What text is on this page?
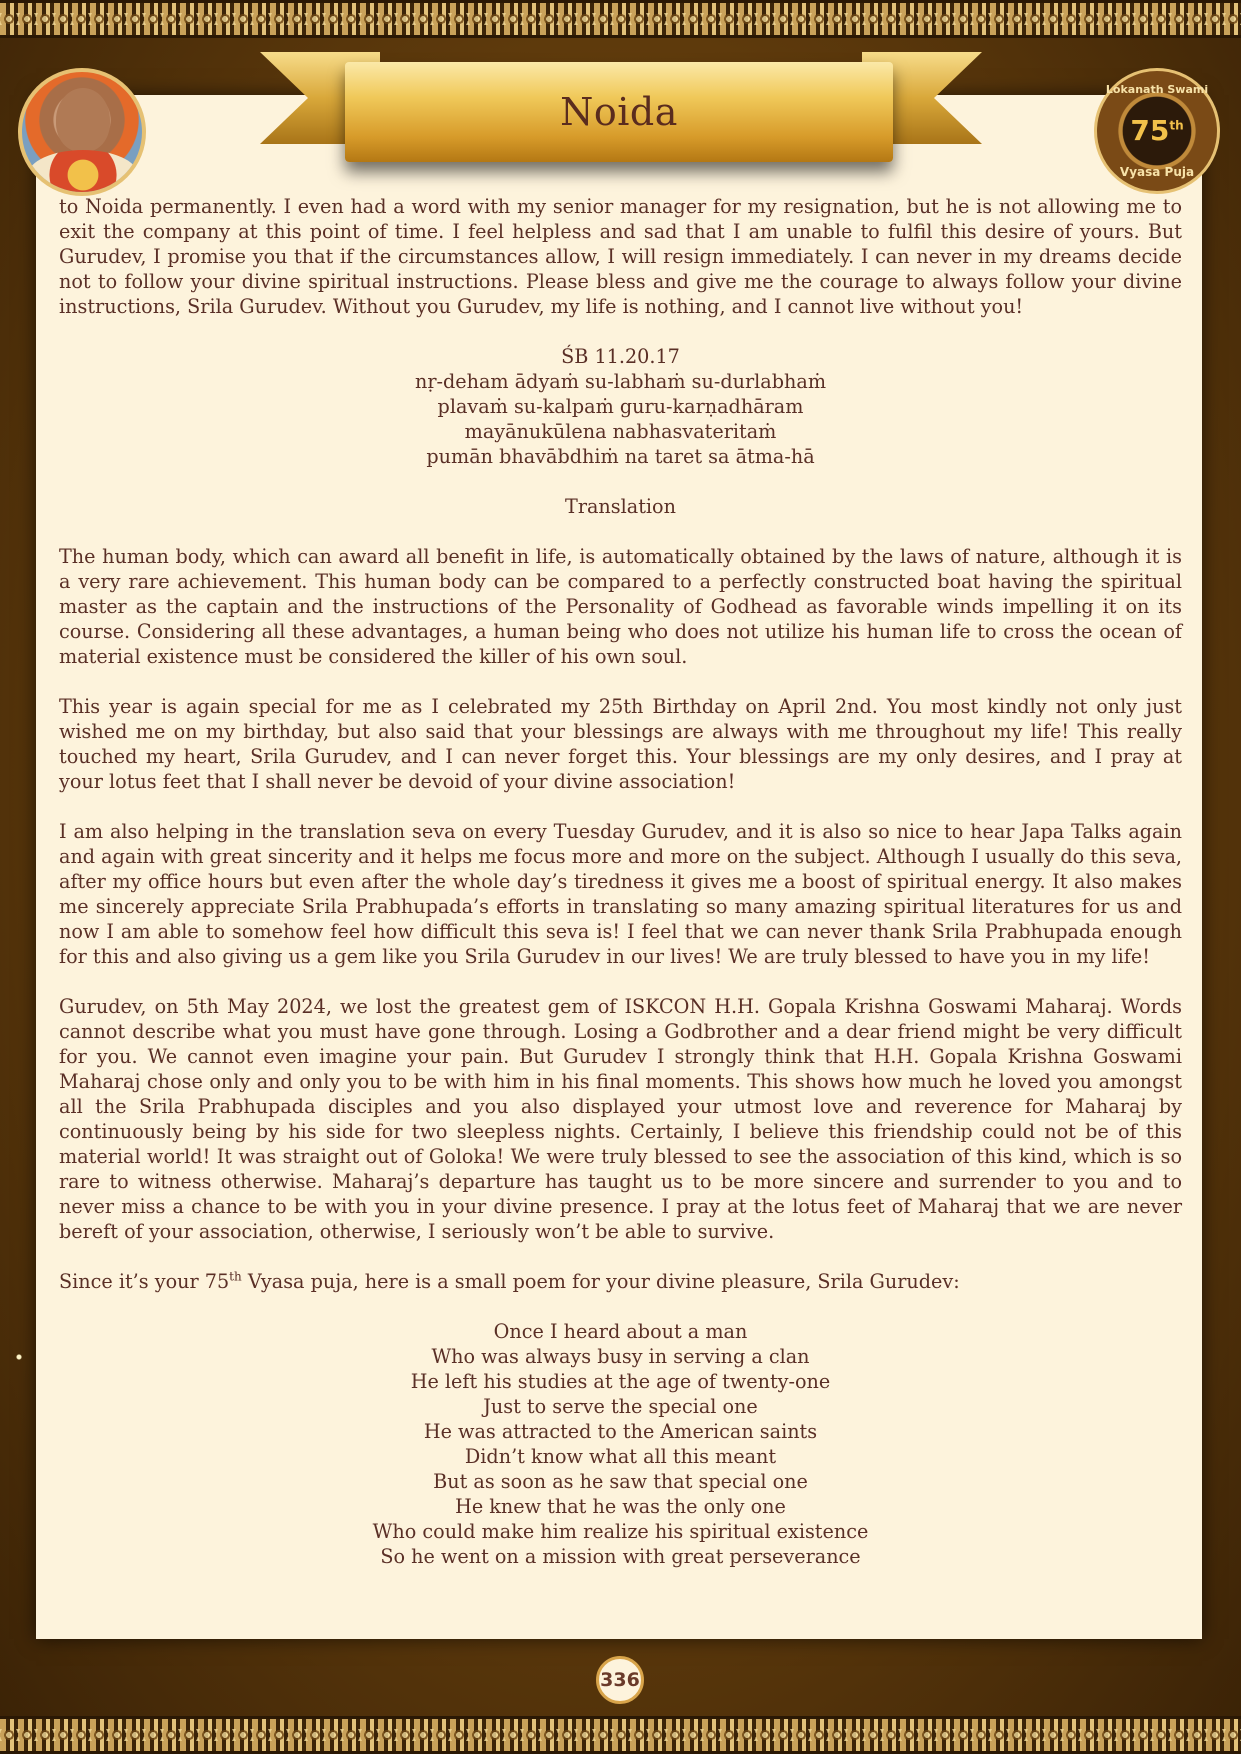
Noida
Lokanath Swami
75th
Vyasa Puja

to Noida permanently. I even had a word with my senior manager for my resignation, but he is not allowing me to exit the company at this point of time. I feel helpless and sad that I am unable to fulfil this desire of yours. But Gurudev, I promise you that if the circumstances allow, I will resign immediately. I can never in my dreams decide not to follow your divine spiritual instructions. Please bless and give me the courage to always follow your divine instructions, Srila Gurudev. Without you Gurudev, my life is nothing, and I cannot live without you!

ŚB 11.20.17
nṛ-deham ādyaṁ su-labhaṁ su-durlabhaṁ
plavaṁ su-kalpaṁ guru-karṇadhāram
mayānukūlena nabhasvateritaṁ
pumān bhavābdhiṁ na taret sa ātma-hā
Translation

The human body, which can award all benefit in life, is automatically obtained by the laws of nature, although it is a very rare achievement. This human body can be compared to a perfectly constructed boat having the spiritual master as the captain and the instructions of the Personality of Godhead as favorable winds impelling it on its course. Considering all these advantages, a human being who does not utilize his human life to cross the ocean of material existence must be considered the killer of his own soul.

This year is again special for me as I celebrated my 25th Birthday on April 2nd. You most kindly not only just wished me on my birthday, but also said that your blessings are always with me throughout my life! This really touched my heart, Srila Gurudev, and I can never forget this. Your blessings are my only desires, and I pray at your lotus feet that I shall never be devoid of your divine association!

I am also helping in the translation seva on every Tuesday Gurudev, and it is also so nice to hear Japa Talks again and again with great sincerity and it helps me focus more and more on the subject. Although I usually do this seva, after my office hours but even after the whole day’s tiredness it gives me a boost of spiritual energy. It also makes me sincerely appreciate Srila Prabhupada’s efforts in translating so many amazing spiritual literatures for us and now I am able to somehow feel how difficult this seva is! I feel that we can never thank Srila Prabhupada enough for this and also giving us a gem like you Srila Gurudev in our lives! We are truly blessed to have you in my life!

Gurudev, on 5th May 2024, we lost the greatest gem of ISKCON H.H. Gopala Krishna Goswami Maharaj. Words cannot describe what you must have gone through. Losing a Godbrother and a dear friend might be very difficult for you. We cannot even imagine your pain. But Gurudev I strongly think that H.H. Gopala Krishna Goswami Maharaj chose only and only you to be with him in his final moments. This shows how much he loved you amongst all the Srila Prabhupada disciples and you also displayed your utmost love and reverence for Maharaj by continuously being by his side for two sleepless nights. Certainly, I believe this friendship could not be of this material world! It was straight out of Goloka! We were truly blessed to see the association of this kind, which is so rare to witness otherwise. Maharaj’s departure has taught us to be more sincere and surrender to you and to never miss a chance to be with you in your divine presence. I pray at the lotus feet of Maharaj that we are never bereft of your association, otherwise, I seriously won’t be able to survive.

Since it’s your 75th Vyasa puja, here is a small poem for your divine pleasure, Srila Gurudev:

Once I heard about a man
Who was always busy in serving a clan
He left his studies at the age of twenty-one
Just to serve the special one
He was attracted to the American saints
Didn’t know what all this meant
But as soon as he saw that special one
He knew that he was the only one
Who could make him realize his spiritual existence
So he went on a mission with great perseverance
336
